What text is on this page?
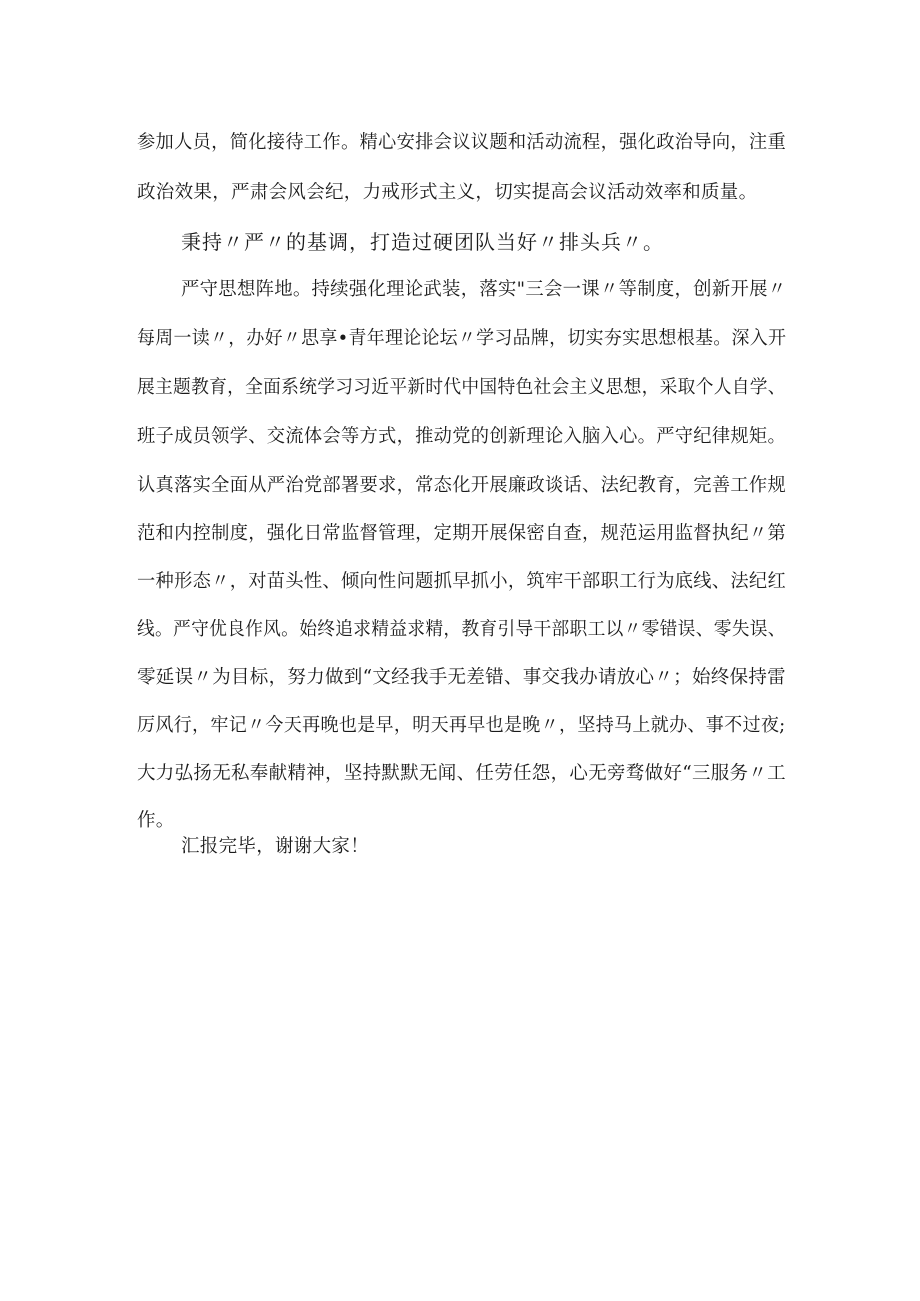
参加人员，简化接待工作。精心安排会议议题和活动流程，强化政治导向，注重
政治效果，严肃会风会纪，力戒形式主义，切实提高会议活动效率和质量。
秉持〃严〃的基调，打造过硬团队当好〃排头兵〃。
严守思想阵地。持续强化理论武装，落实"三会一课〃等制度，创新开展〃
每周一读〃，办好〃思享•青年理论论坛〃学习品牌，切实夯实思想根基。深入开
展主题教育，全面系统学习习近平新时代中国特色社会主义思想，采取个人自学、
班子成员领学、交流体会等方式，推动党的创新理论入脑入心。严守纪律规矩。
认真落实全面从严治党部署要求，常态化开展廉政谈话、法纪教育，完善工作规
范和内控制度，强化日常监督管理，定期开展保密自查，规范运用监督执纪〃第
一种形态〃，对苗头性、倾向性问题抓早抓小，筑牢干部职工行为底线、法纪红
线。严守优良作风。始终追求精益求精，教育引导干部职工以〃零错误、零失误、
零延误〃为目标，努力做到“文经我手无差错、事交我办请放心〃；始终保持雷
厉风行，牢记〃今天再晚也是早，明天再早也是晚〃，坚持马上就办、事不过夜;
大力弘扬无私奉献精神，坚持默默无闻、任劳任怨，心无旁骛做好“三服务〃工
作。
汇报完毕，谢谢大家！
